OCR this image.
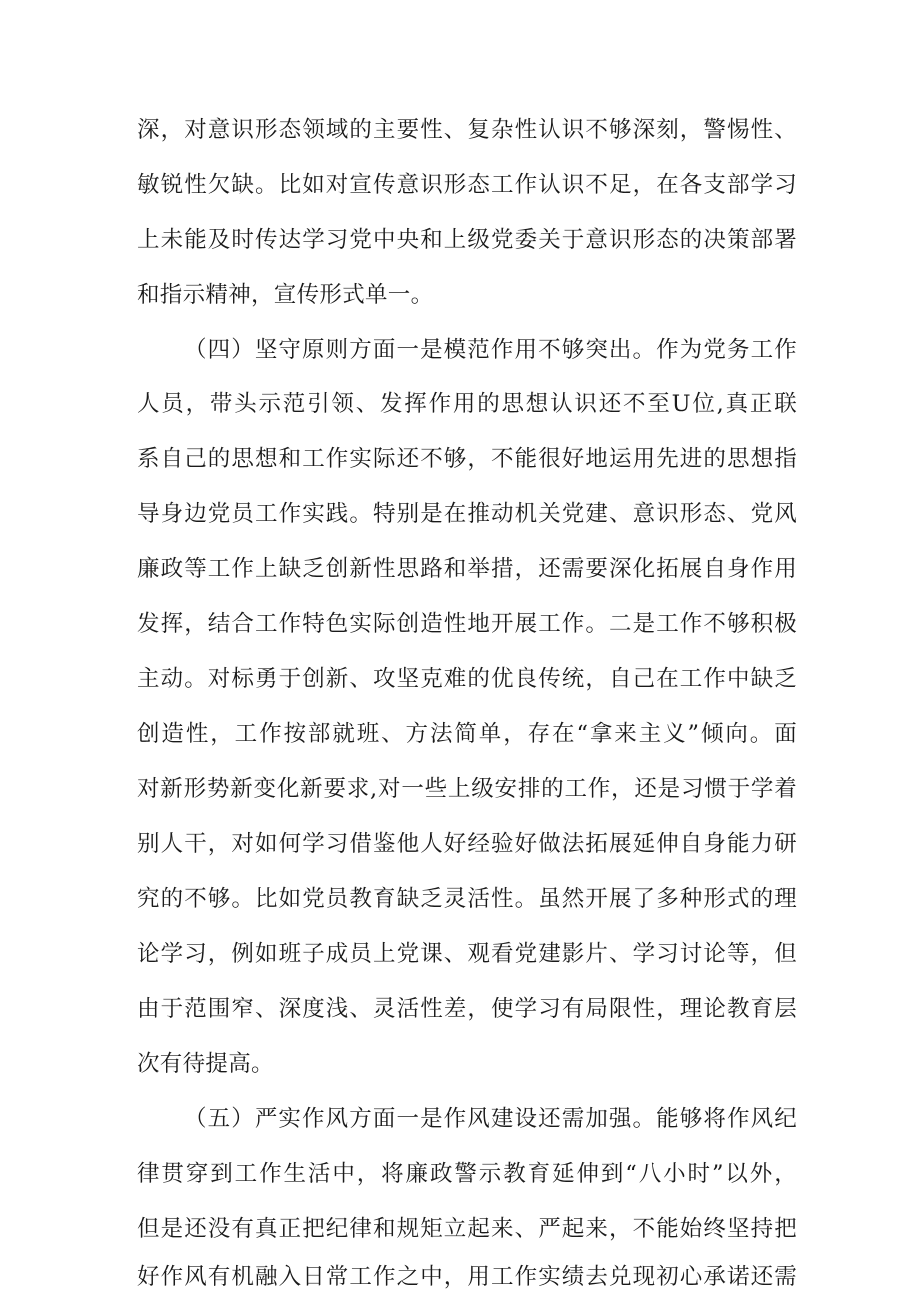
深，对意识形态领域的主要性、复杂性认识不够深刻，警惕性、
敏锐性欠缺。比如对宣传意识形态工作认识不足，在各支部学习
上未能及时传达学习党中央和上级党委关于意识形态的决策部署
和指示精神，宣传形式单一。
（四）坚守原则方面一是模范作用不够突出。作为党务工作
人员，带头示范引领、发挥作用的思想认识还不至U位,真正联
系自己的思想和工作实际还不够，不能很好地运用先进的思想指
导身边党员工作实践。特别是在推动机关党建、意识形态、党风
廉政等工作上缺乏创新性思路和举措，还需要深化拓展自身作用
发挥，结合工作特色实际创造性地开展工作。二是工作不够积极
主动。对标勇于创新、攻坚克难的优良传统，自己在工作中缺乏
创造性，工作按部就班、方法简单，存在“拿来主义”倾向。面
对新形势新变化新要求,对一些上级安排的工作，还是习惯于学着
别人干，对如何学习借鉴他人好经验好做法拓展延伸自身能力研
究的不够。比如党员教育缺乏灵活性。虽然开展了多种形式的理
论学习，例如班子成员上党课、观看党建影片、学习讨论等，但
由于范围窄、深度浅、灵活性差，使学习有局限性，理论教育层
次有待提高。
（五）严实作风方面一是作风建设还需加强。能够将作风纪
律贯穿到工作生活中，将廉政警示教育延伸到“八小时”以外，
但是还没有真正把纪律和规矩立起来、严起来，不能始终坚持把
好作风有机融入日常工作之中，用工作实绩去兑现初心承诺还需
